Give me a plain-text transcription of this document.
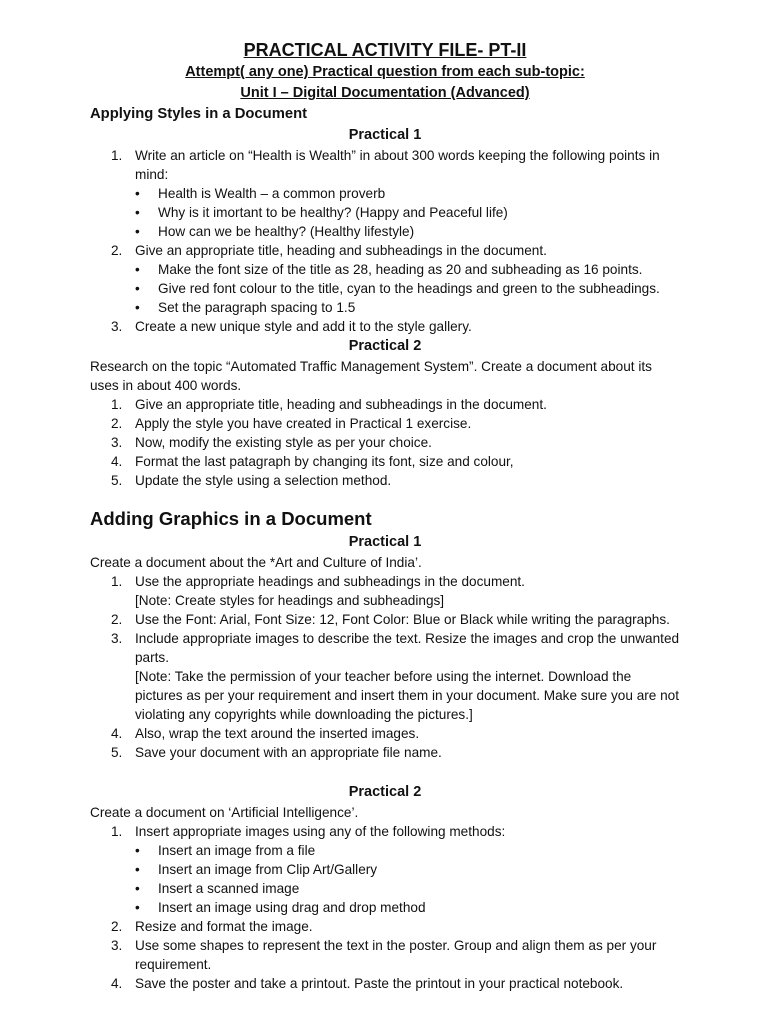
PRACTICAL ACTIVITY FILE- PT-II
Attempt( any one) Practical question from each sub-topic:
Unit I – Digital Documentation (Advanced)
Applying Styles in a Document
Practical 1
1. Write an article on “Health is Wealth” in about 300 words keeping the following points in mind:
• Health is Wealth – a common proverb
• Why is it imortant to be healthy? (Happy and Peaceful life)
• How can we be healthy? (Healthy lifestyle)
2. Give an appropriate title, heading and subheadings in the document.
• Make the font size of the title as 28, heading as 20 and subheading as 16 points.
• Give red font colour to the title, cyan to the headings and green to the subheadings.
• Set the paragraph spacing to 1.5
3. Create a new unique style and add it to the style gallery.
Practical 2

Research on the topic “Automated Traffic Management System”. Create a document about its uses in about 400 words.

1. Give an appropriate title, heading and subheadings in the document.
2. Apply the style you have created in Practical 1 exercise.
3. Now, modify the existing style as per your choice.
4. Format the last patagraph by changing its font, size and colour,
5. Update the style using a selection method.
Adding Graphics in a Document
Practical 1

Create a document about the *Art and Culture of India’.

1. Use the appropriate headings and subheadings in the document.
[Note: Create styles for headings and subheadings]
2. Use the Font: Arial, Font Size: 12, Font Color: Blue or Black while writing the paragraphs.
3. Include appropriate images to describe the text. Resize the images and crop the unwanted parts.
[Note: Take the permission of your teacher before using the internet. Download the pictures as per your requirement and insert them in your document. Make sure you are not violating any copyrights while downloading the pictures.]
4. Also, wrap the text around the inserted images.
5. Save your document with an appropriate file name.
Practical 2

Create a document on ‘Artificial Intelligence’.

1. Insert appropriate images using any of the following methods:
• Insert an image from a file
• Insert an image from Clip Art/Gallery
• Insert a scanned image
• Insert an image using drag and drop method
2. Resize and format the image.
3. Use some shapes to represent the text in the poster. Group and align them as per your requirement.
4. Save the poster and take a printout. Paste the printout in your practical notebook.
